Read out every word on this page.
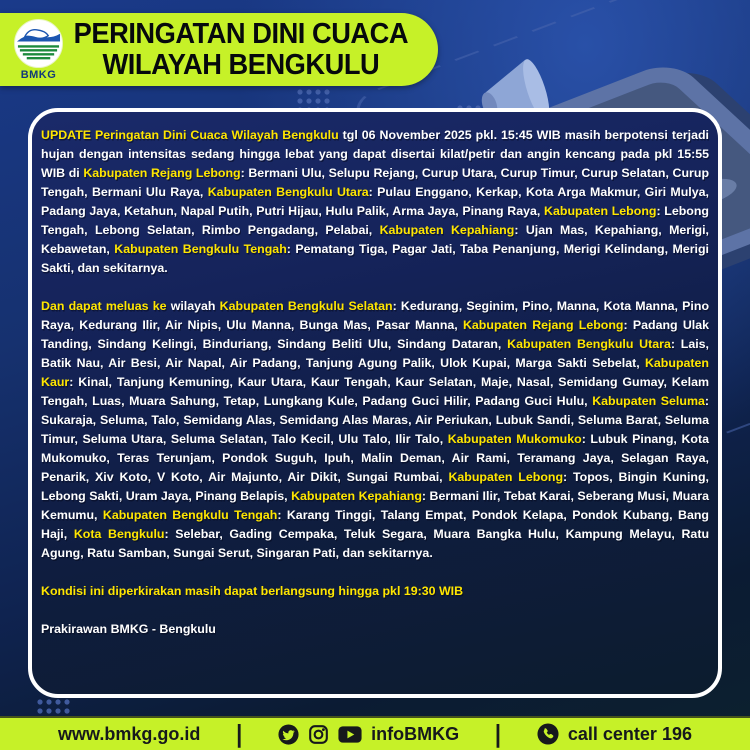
BMKG
PERINGATAN DINI CUACA
WILAYAH BENGKULU

UPDATE Peringatan Dini Cuaca Wilayah Bengkulu tgl 06 November 2025 pkl. 15:45 WIB masih berpotensi terjadi hujan dengan intensitas sedang hingga lebat yang dapat disertai kilat/petir dan angin kencang pada pkl 15:55 WIB di Kabupaten Rejang Lebong: Bermani Ulu, Selupu Rejang, Curup Utara, Curup Timur, Curup Selatan, Curup Tengah, Bermani Ulu Raya, Kabupaten Bengkulu Utara: Pulau Enggano, Kerkap, Kota Arga Makmur, Giri Mulya, Padang Jaya, Ketahun, Napal Putih, Putri Hijau, Hulu Palik, Arma Jaya, Pinang Raya, Kabupaten Lebong: Lebong Tengah, Lebong Selatan, Rimbo Pengadang, Pelabai, Kabupaten Kepahiang: Ujan Mas, Kepahiang, Merigi, Kebawetan, Kabupaten Bengkulu Tengah: Pematang Tiga, Pagar Jati, Taba Penanjung, Merigi Kelindang, Merigi Sakti, dan sekitarnya.

Dan dapat meluas ke wilayah Kabupaten Bengkulu Selatan: Kedurang, Seginim, Pino, Manna, Kota Manna, Pino Raya, Kedurang Ilir, Air Nipis, Ulu Manna, Bunga Mas, Pasar Manna, Kabupaten Rejang Lebong: Padang Ulak Tanding, Sindang Kelingi, Binduriang, Sindang Beliti Ulu, Sindang Dataran, Kabupaten Bengkulu Utara: Lais, Batik Nau, Air Besi, Air Napal, Air Padang, Tanjung Agung Palik, Ulok Kupai, Marga Sakti Sebelat, Kabupaten Kaur: Kinal, Tanjung Kemuning, Kaur Utara, Kaur Tengah, Kaur Selatan, Maje, Nasal, Semidang Gumay, Kelam Tengah, Luas, Muara Sahung, Tetap, Lungkang Kule, Padang Guci Hilir, Padang Guci Hulu, Kabupaten Seluma: Sukaraja, Seluma, Talo, Semidang Alas, Semidang Alas Maras, Air Periukan, Lubuk Sandi, Seluma Barat, Seluma Timur, Seluma Utara, Seluma Selatan, Talo Kecil, Ulu Talo, Ilir Talo, Kabupaten Mukomuko: Lubuk Pinang, Kota Mukomuko, Teras Terunjam, Pondok Suguh, Ipuh, Malin Deman, Air Rami, Teramang Jaya, Selagan Raya, Penarik, Xiv Koto, V Koto, Air Majunto, Air Dikit, Sungai Rumbai, Kabupaten Lebong: Topos, Bingin Kuning, Lebong Sakti, Uram Jaya, Pinang Belapis, Kabupaten Kepahiang: Bermani Ilir, Tebat Karai, Seberang Musi, Muara Kemumu, Kabupaten Bengkulu Tengah: Karang Tinggi, Talang Empat, Pondok Kelapa, Pondok Kubang, Bang Haji, Kota Bengkulu: Selebar, Gading Cempaka, Teluk Segara, Muara Bangka Hulu, Kampung Melayu, Ratu Agung, Ratu Samban, Sungai Serut, Singaran Pati, dan sekitarnya.

Kondisi ini diperkirakan masih dapat berlangsung hingga pkl 19:30 WIB

Prakirawan BMKG - Bengkulu

www.bmkg.go.id |	infoBMKG |	call center 196
